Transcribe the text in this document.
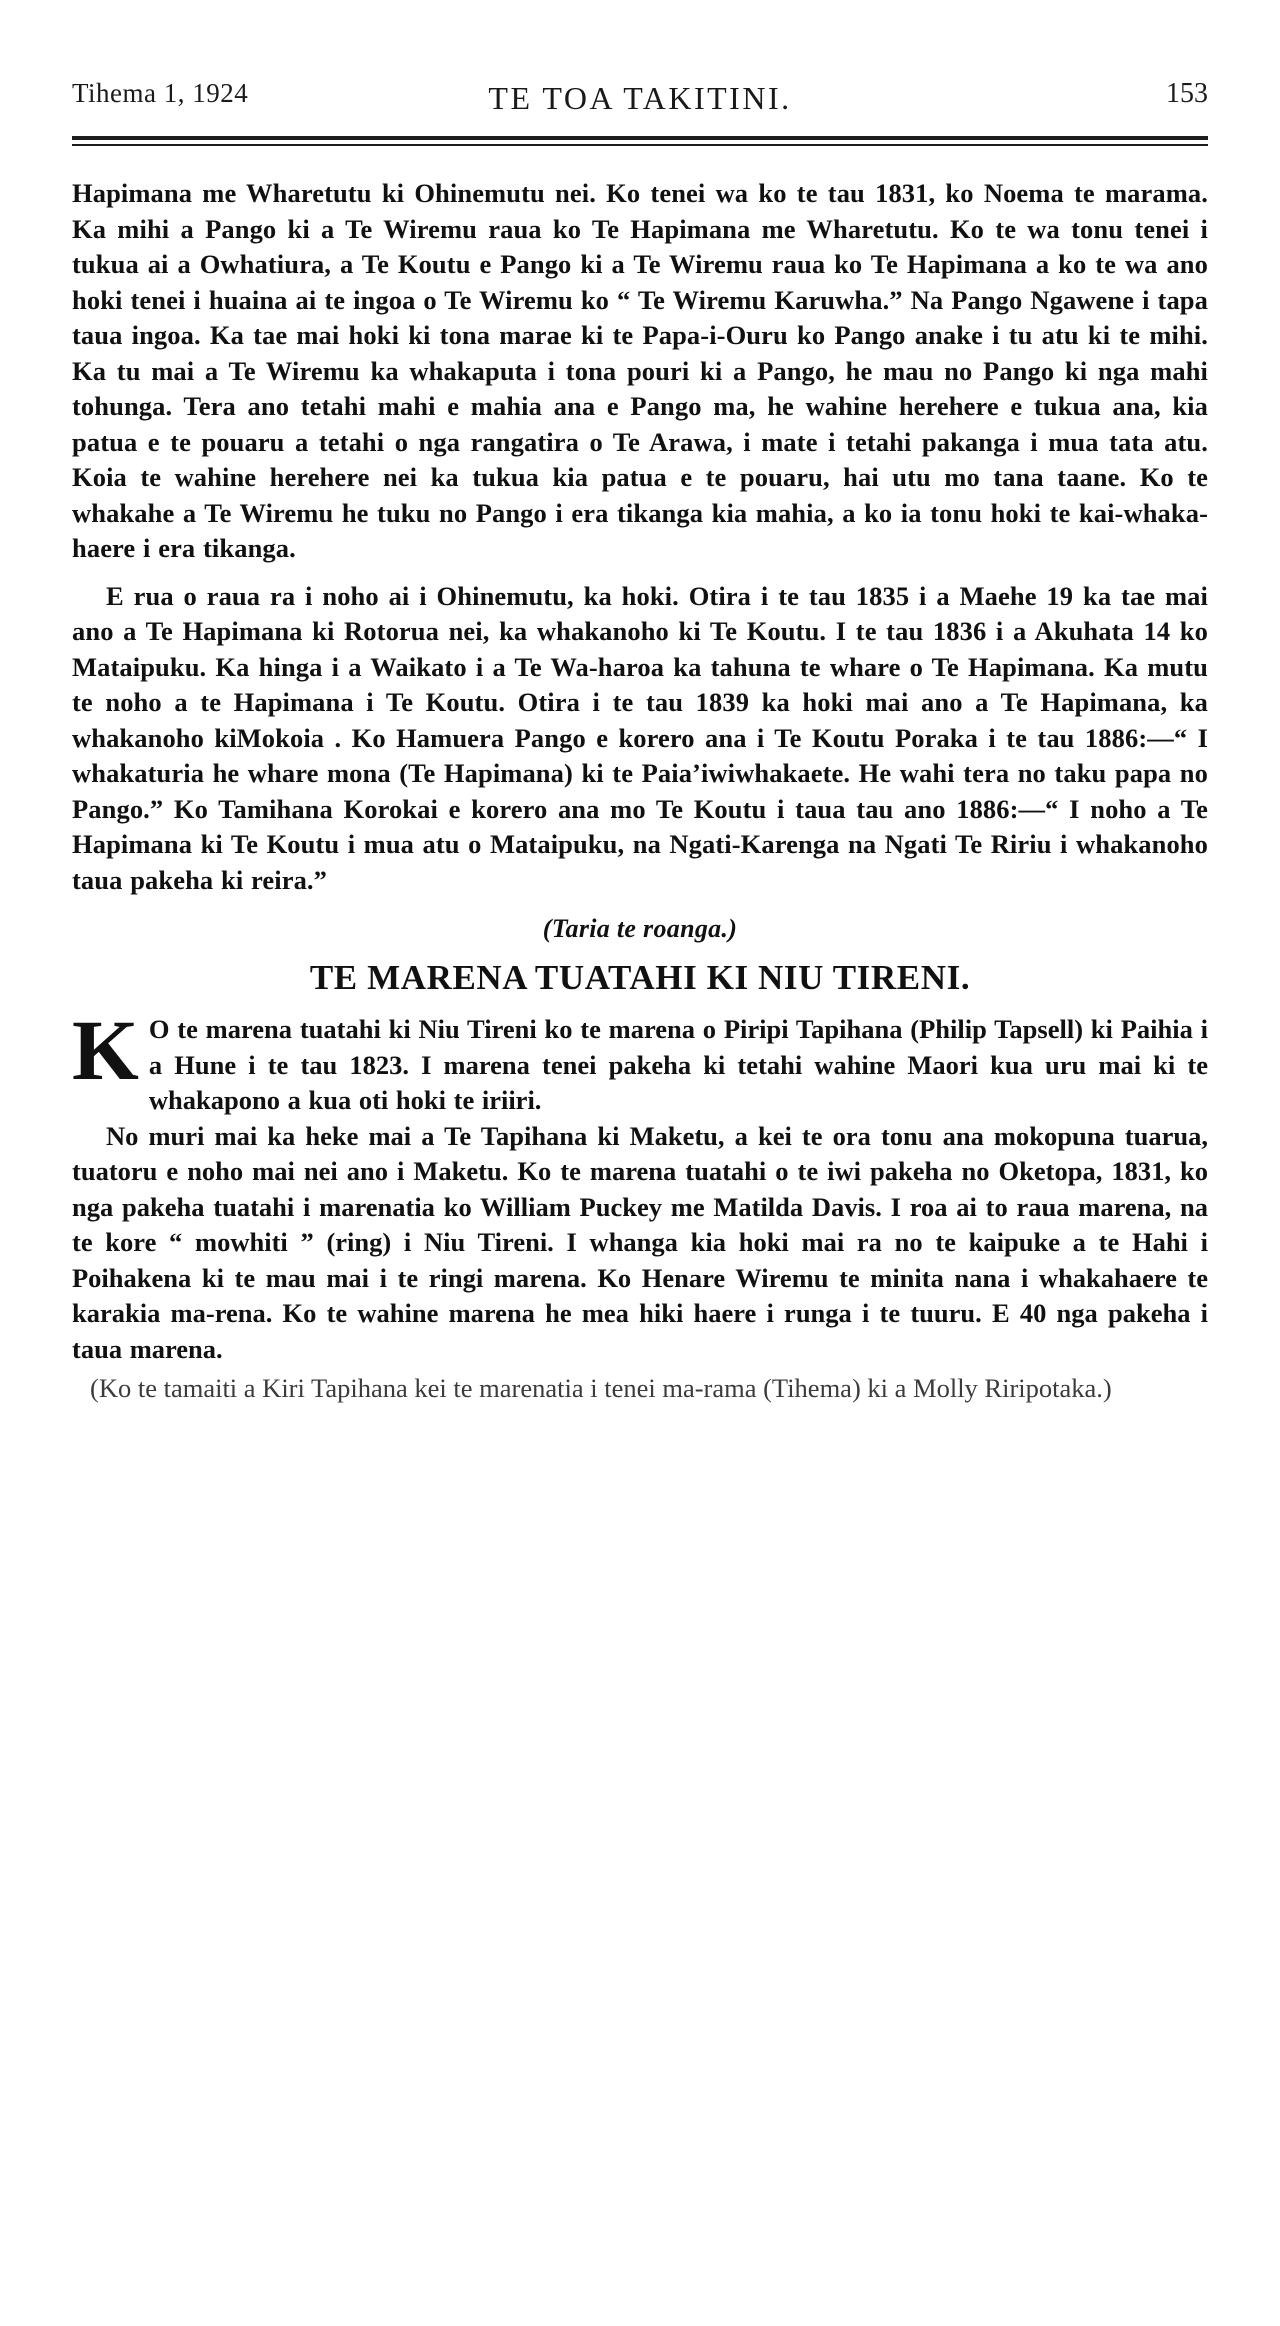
Tihema 1, 1924	TE TOA TAKITINI.	153

Hapimana me Wharetutu ki Ohinemutu nei. Ko tenei wa ko te tau 1831, ko Noema te marama. Ka mihi a Pango ki a Te Wiremu raua ko Te Hapimana me Wharetutu. Ko te wa tonu tenei i tukua ai a Owhatiura, a Te Koutu e Pango ki a Te Wiremu raua ko Te Hapimana a ko te wa ano hoki tenei i huaina ai te ingoa o Te Wiremu ko “ Te Wiremu Karuwha.” Na Pango Ngawene i tapa taua ingoa. Ka tae mai hoki ki tona marae ki te Papa-i-Ouru ko Pango anake i tu atu ki te mihi. Ka tu mai a Te Wiremu ka whakaputa i tona pouri ki a Pango, he mau no Pango ki nga mahi tohunga. Tera ano tetahi mahi e mahia ana e Pango ma, he wahine herehere e tukua ana, kia patua e te pouaru a tetahi o nga rangatira o Te Arawa, i mate i tetahi pakanga i mua tata atu. Koia te wahine herehere nei ka tukua kia patua e te pouaru, hai utu mo tana taane. Ko te whakahe a Te Wiremu he tuku no Pango i era tikanga kia mahia, a ko ia tonu hoki te kai-whaka-haere i era tikanga.

E rua o raua ra i noho ai i Ohinemutu, ka hoki. Otira i te tau 1835 i a Maehe 19 ka tae mai ano a Te Hapimana ki Rotorua nei, ka whakanoho ki Te Koutu. I te tau 1836 i a Akuhata 14 ko Mataipuku. Ka hinga i a Waikato i a Te Wa-haroa ka tahuna te whare o Te Hapimana. Ka mutu te noho a te Hapimana i Te Koutu. Otira i te tau 1839 ka hoki mai ano a Te Hapimana, ka whakanoho kiMokoia . Ko Hamuera Pango e korero ana i Te Koutu Poraka i te tau 1886:—“ I whakaturia he whare mona (Te Hapimana) ki te Paia’iwiwhakaete. He wahi tera no taku papa no Pango.” Ko Tamihana Korokai e korero ana mo Te Koutu i taua tau ano 1886:—“ I noho a Te Hapimana ki Te Koutu i mua atu o Mataipuku, na Ngati-Karenga na Ngati Te Ririu i whakanoho taua pakeha ki reira.”

(Taria te roanga.)
TE MARENA TUATAHI KI NIU TIRENI.

K O te marena tuatahi ki Niu Tireni ko te marena o Piripi Tapihana (Philip Tapsell) ki Paihia i a Hune i te tau 1823. I marena tenei pakeha ki tetahi wahine Maori kua uru mai ki te whakapono a kua oti hoki te iriiri.

No muri mai ka heke mai a Te Tapihana ki Maketu, a kei te ora tonu ana mokopuna tuarua, tuatoru e noho mai nei ano i Maketu. Ko te marena tuatahi o te iwi pakeha no Oketopa, 1831, ko nga pakeha tuatahi i marenatia ko William Puckey me Matilda Davis. I roa ai to raua marena, na te kore “ mowhiti ” (ring) i Niu Tireni. I whanga kia hoki mai ra no te kaipuke a te Hahi i Poihakena ki te mau mai i te ringi marena. Ko Henare Wiremu te minita nana i whakahaere te karakia ma-rena. Ko te wahine marena he mea hiki haere i runga i te tuuru. E 40 nga pakeha i taua marena.

(Ko te tamaiti a Kiri Tapihana kei te marenatia i tenei ma-rama (Tihema) ki a Molly Riripotaka.)
